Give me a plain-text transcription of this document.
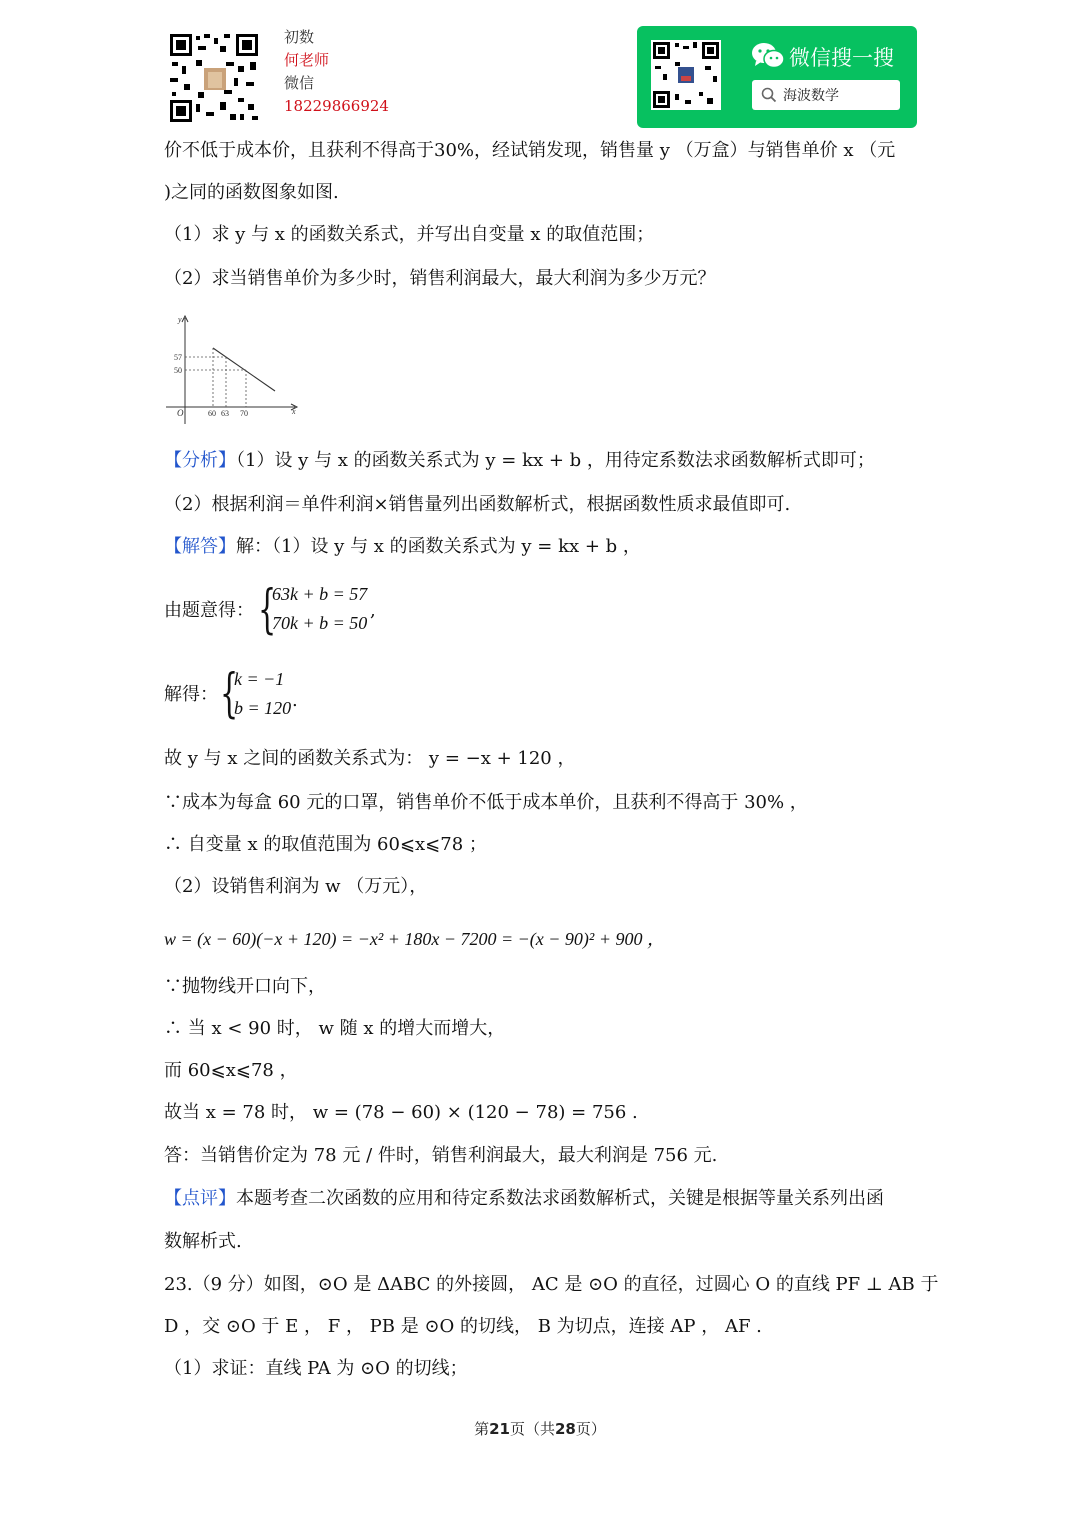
初数
何老师
微信
18229866924
微信搜一搜
海波数学
价不低于成本价，且获利不得高于30%，经试销发现，销售量 y （万盒）与销售单价 x （元
)之同的函数图象如图.
（1）求 y 与 x 的函数关系式，并写出自变量 x 的取值范围；
（2）求当销售单价为多少时，销售利润最大，最大利润为多少万元？
y
x
O
57
50
60 63 70
【分析】（1）设 y 与 x 的函数关系式为 y = kx + b ，用待定系数法求函数解析式即可；
（2）根据利润＝单件利润×销售量列出函数解析式，根据函数性质求最值即可.
【解答】解：（1）设 y 与 x 的函数关系式为 y = kx + b ，
由题意得： {
63k + b = 57
70k + b = 50
,
解得： {
k = −1
b = 120 .
故 y 与 x 之间的函数关系式为： y = −x + 120 ，
∵成本为每盒 60 元的口罩，销售单价不低于成本单价，且获利不得高于 30% ，
∴ 自变量 x 的取值范围为 60⩽x⩽78 ；
（2）设销售利润为 w （万元），
w = (x − 60)(−x + 120) = −x² + 180x − 7200 = −(x − 90)² + 900 ，
∵抛物线开口向下，
∴ 当 x < 90 时， w 随 x 的增大而增大，
而 60⩽x⩽78 ，
故当 x = 78 时， w = (78 − 60) × (120 − 78) = 756 .
答：当销售价定为 78 元 / 件时，销售利润最大，最大利润是 756 元.
【点评】本题考查二次函数的应用和待定系数法求函数解析式，关键是根据等量关系列出函
数解析式.
23.（9 分）如图，⊙O 是 ΔABC 的外接圆， AC 是 ⊙O 的直径，过圆心 O 的直线 PF ⊥ AB 于
D ，交 ⊙O 于 E ， F ， PB 是 ⊙O 的切线， B 为切点，连接 AP ， AF .
（1）求证：直线 PA 为 ⊙O 的切线；
第21页（共28页）
